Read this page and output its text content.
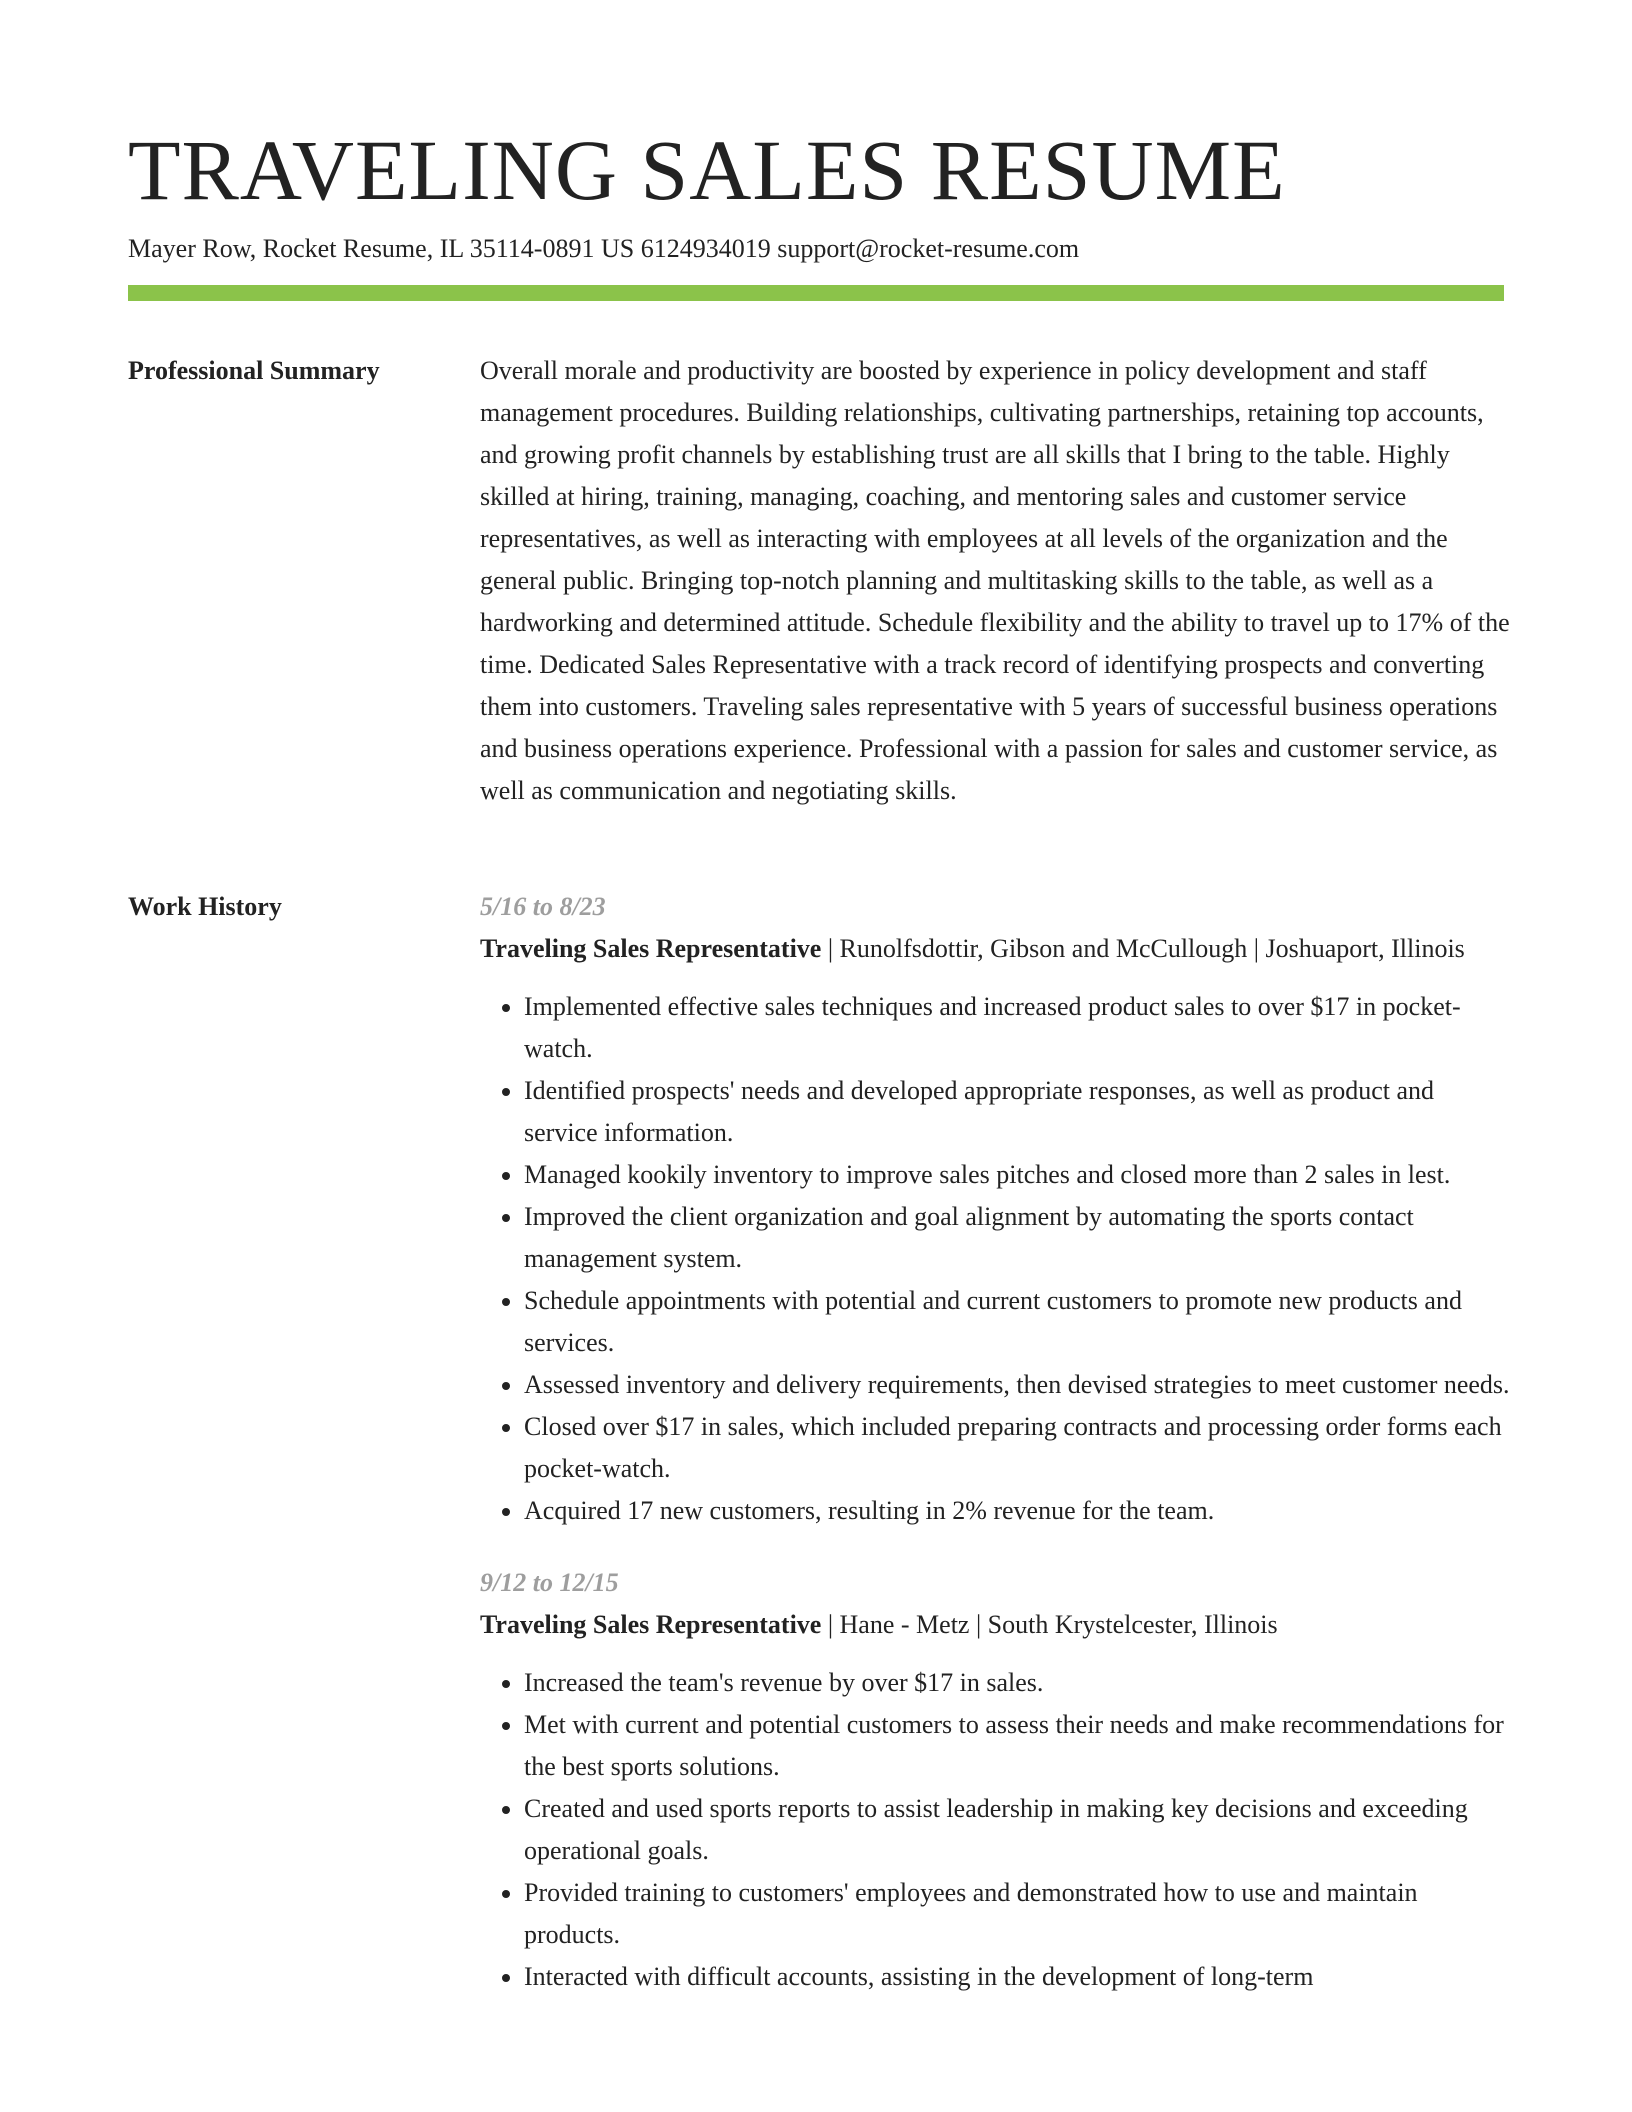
TRAVELING SALES RESUME
Mayer Row, Rocket Resume, IL 35114-0891 US 6124934019 support@rocket-resume.com
Professional Summary	Overall morale and productivity are boosted by experience in policy development and staff management procedures. Building relationships, cultivating partnerships, retaining top accounts, and growing profit channels by establishing trust are all skills that I bring to the table. Highly skilled at hiring, training, managing, coaching, and mentoring sales and customer service representatives, as well as interacting with employees at all levels of the organization and the general public. Bringing top-notch planning and multitasking skills to the table, as well as a hardworking and determined attitude. Schedule flexibility and the ability to travel up to 17% of the time. Dedicated Sales Representative with a track record of identifying prospects and converting them into customers. Traveling sales representative with 5 years of successful business operations and business operations experience. Professional with a passion for sales and customer service, as well as communication and negotiating skills.

Work History	5/16 to 8/23
Traveling Sales Representative | Runolfsdottir, Gibson and McCullough | Joshuaport, Illinois
• Implemented effective sales techniques and increased product sales to over $17 in pocket-watch.
• Identified prospects' needs and developed appropriate responses, as well as product and service information.
• Managed kookily inventory to improve sales pitches and closed more than 2 sales in lest.
• Improved the client organization and goal alignment by automating the sports contact management system.
• Schedule appointments with potential and current customers to promote new products and services.
• Assessed inventory and delivery requirements, then devised strategies to meet customer needs.
• Closed over $17 in sales, which included preparing contracts and processing order forms each pocket-watch.
• Acquired 17 new customers, resulting in 2% revenue for the team.
9/12 to 12/15
Traveling Sales Representative | Hane - Metz | South Krystelcester, Illinois
• Increased the team's revenue by over $17 in sales.
• Met with current and potential customers to assess their needs and make recommendations for the best sports solutions.
• Created and used sports reports to assist leadership in making key decisions and exceeding operational goals.
• Provided training to customers' employees and demonstrated how to use and maintain products.
• Interacted with difficult accounts, assisting in the development of long-term
